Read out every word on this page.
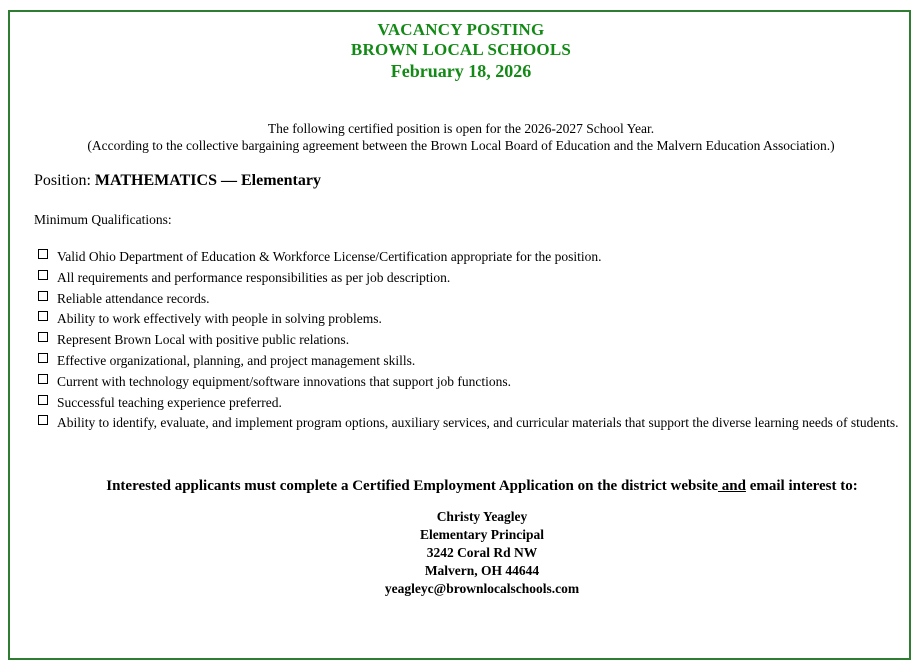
VACANCY POSTING
BROWN LOCAL SCHOOLS
February 18, 2026
The following certified position is open for the 2026-2027 School Year.
(According to the collective bargaining agreement between the Brown Local Board of Education and the Malvern Education Association.)
Position: MATHEMATICS — Elementary
Minimum Qualifications:
Valid Ohio Department of Education & Workforce License/Certification appropriate for the position.
All requirements and performance responsibilities as per job description.
Reliable attendance records.
Ability to work effectively with people in solving problems.
Represent Brown Local with positive public relations.
Effective organizational, planning, and project management skills.
Current with technology equipment/software innovations that support job functions.
Successful teaching experience preferred.
Ability to identify, evaluate, and implement program options, auxiliary services, and curricular materials that support the diverse learning needs of students.
Interested applicants must complete a Certified Employment Application on the district website and email interest to:
Christy Yeagley
Elementary Principal
3242 Coral Rd NW
Malvern, OH 44644
yeagleyc@brownlocalschools.com
